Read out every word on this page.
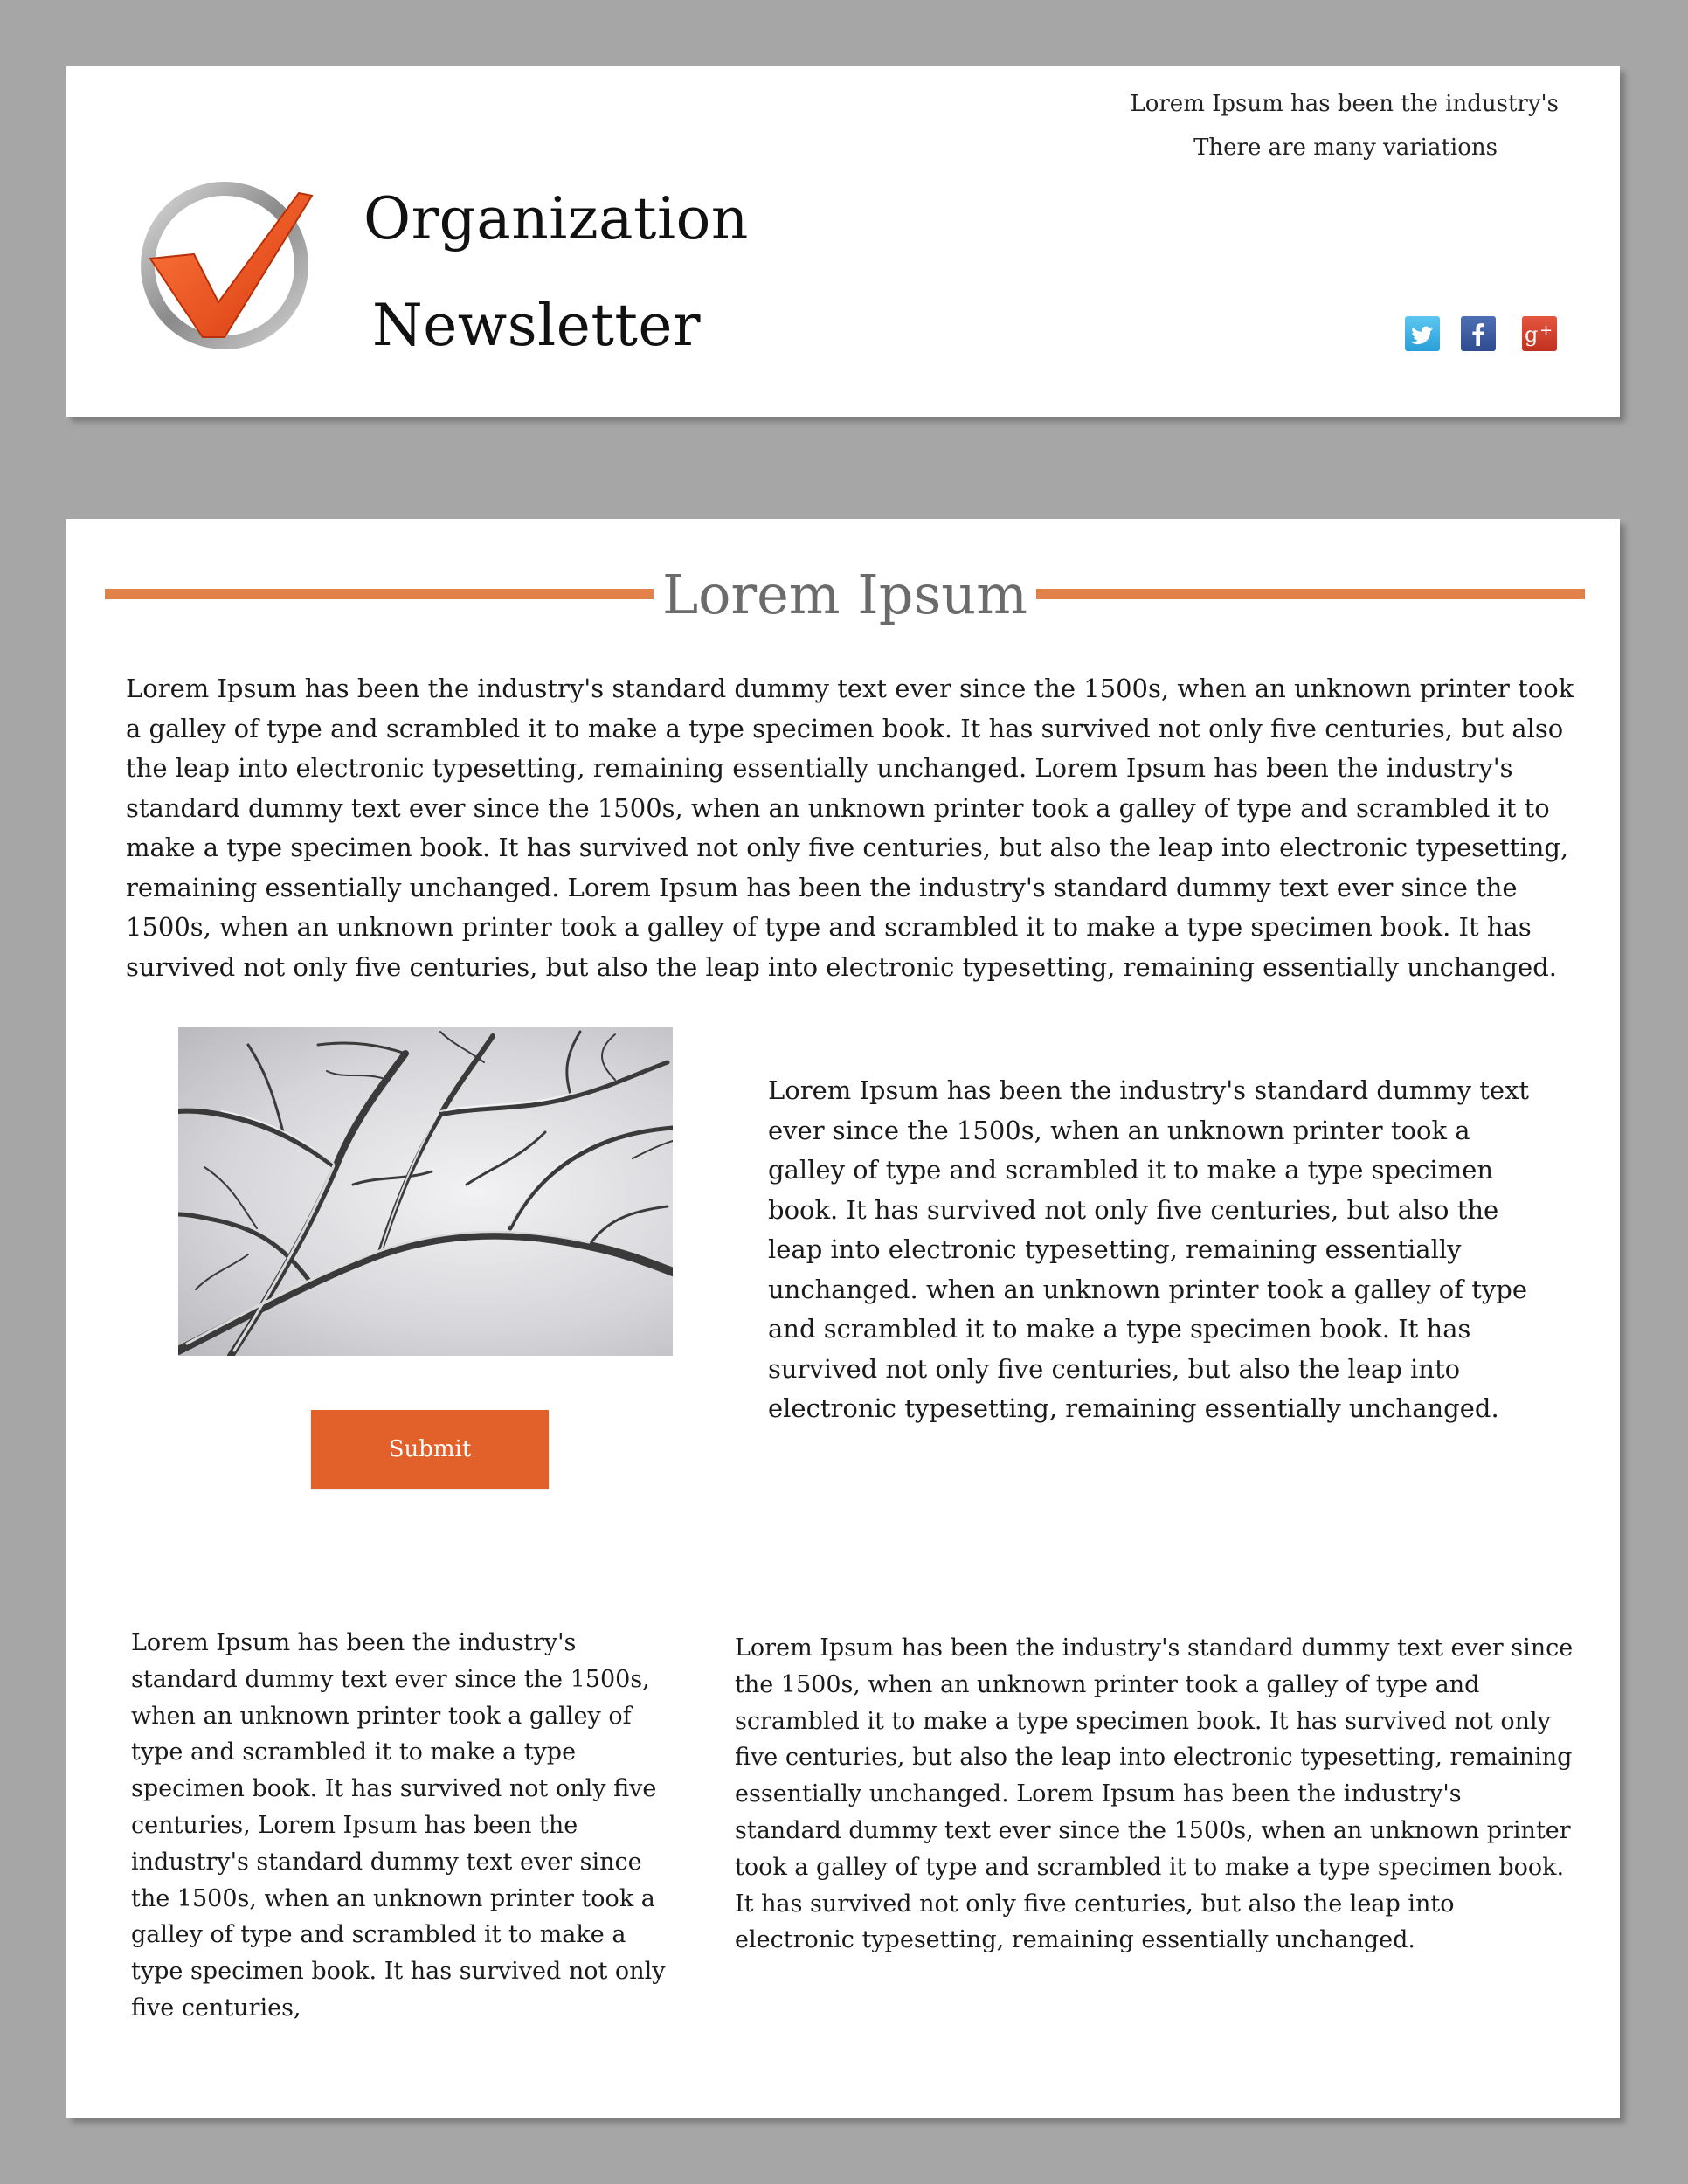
Organization
Newsletter
Lorem Ipsum has been the industry's
There are many variations
g +
Lorem Ipsum

Lorem Ipsum has been the industry's standard dummy text ever since the 1500s, when an unknown printer took a galley of type and scrambled it to make a type specimen book. It has survived not only five centuries, but also the leap into electronic typesetting, remaining essentially unchanged. Lorem Ipsum has been the industry's standard dummy text ever since the 1500s, when an unknown printer took a galley of type and scrambled it to make a type specimen book. It has survived not only five centuries, but also the leap into electronic typesetting, remaining essentially unchanged. Lorem Ipsum has been the industry's standard dummy text ever since the 1500s, when an unknown printer took a galley of type and scrambled it to make a type specimen book. It has survived not only five centuries, but also the leap into electronic typesetting, remaining essentially unchanged.

Submit

Lorem Ipsum has been the industry's standard dummy text ever since the 1500s, when an unknown printer took a galley of type and scrambled it to make a type specimen book. It has survived not only five centuries, but also the leap into electronic typesetting, remaining essentially unchanged. when an unknown printer took a galley of type and scrambled it to make a type specimen book. It has survived not only five centuries, but also the leap into electronic typesetting, remaining essentially unchanged.

Lorem Ipsum has been the industry's standard dummy text ever since the 1500s, when an unknown printer took a galley of type and scrambled it to make a type specimen book. It has survived not only five centuries, Lorem Ipsum has been the industry's standard dummy text ever since the 1500s, when an unknown printer took a galley of type and scrambled it to make a type specimen book. It has survived not only five centuries,

Lorem Ipsum has been the industry's standard dummy text ever since the 1500s, when an unknown printer took a galley of type and scrambled it to make a type specimen book. It has survived not only five centuries, but also the leap into electronic typesetting, remaining essentially unchanged. Lorem Ipsum has been the industry's standard dummy text ever since the 1500s, when an unknown printer took a galley of type and scrambled it to make a type specimen book. It has survived not only five centuries, but also the leap into electronic typesetting, remaining essentially unchanged.
